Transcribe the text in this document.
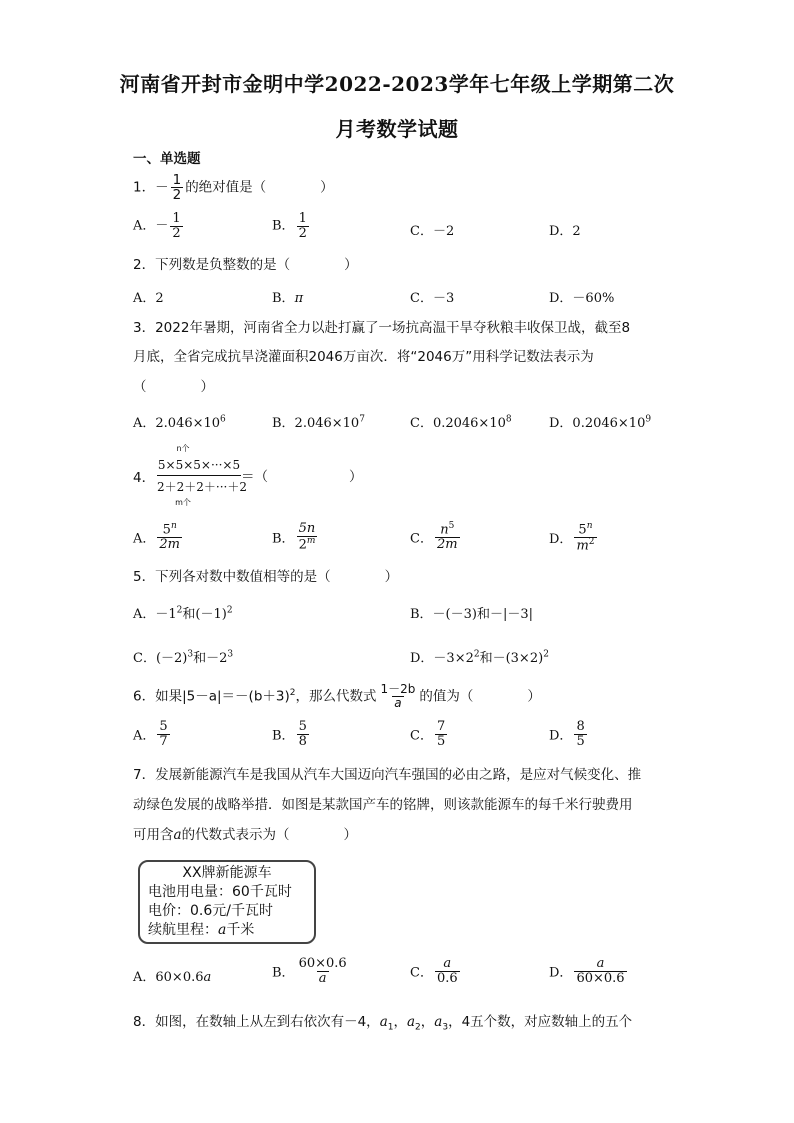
河南省开封市金明中学2022-2023学年七年级上学期第二次
月考数学试题
一、单选题
1．－ $\frac{1}{2}$ 的绝对值是（　　　　）
A．－ $\frac{1}{2}$	B． $\frac{1}{2}$	C．－2	D．2
2．下列数是负整数的是（　　　　）
A．2	B．π	C．－3	D．－60%
3．2022年暑期，河南省全力以赴打赢了一场抗高温干旱夺秋粮丰收保卫战，截至8
月底，全省完成抗旱浇灌面积2046万亩次．将“2046万”用科学记数法表示为
（　　　　）
A．$2.046\times 10^6$	B．$2.046\times 10^7$	C．$0.2046\times 10^8$	D．$0.2046\times 10^9$
4．
n个
5×5×5×···×5
2＋2＋2＋···＋2
m个
＝（　　　　　　）
A． $\frac{5^n}{2m}$	B． $\frac{5n}{2^m}$	C． $\frac{n^5}{2m}$	D． $\frac{5^n}{m^2}$
5．下列各对数中数值相等的是（　　　　）
A．$-1^2$和$(-1)^2$	B．－(－3)和－|－3|
C．$(-2)^3$和$-2^3$	D．$-3\times 2^2$和$-(3\times 2)^2$
6．如果$|5-a|=-(b+3)^2$，那么代数式 $\frac{1-2b}{a}$ 的值为（　　　　）
A． $\frac{5}{7}$	B． $\frac{5}{8}$	C． $\frac{7}{5}$	D． $\frac{8}{5}$
7．发展新能源汽车是我国从汽车大国迈向汽车强国的必由之路，是应对气候变化、推
动绿色发展的战略举措．如图是某款国产车的铭牌，则该款能源车的每千米行驶费用
可用含a的代数式表示为（　　　　）
XX牌新能源车
电池用电量：60千瓦时
电价：0.6元/千瓦时
续航里程：a千米
A．60×0.6a	B． $\frac{60\times 0.6}{a}$	C． $\frac{a}{0.6}$	D． $\frac{a}{60\times 0.6}$
8．如图，在数轴上从左到右依次有－4，$a_1$，$a_2$，$a_3$，4五个数，对应数轴上的五个
